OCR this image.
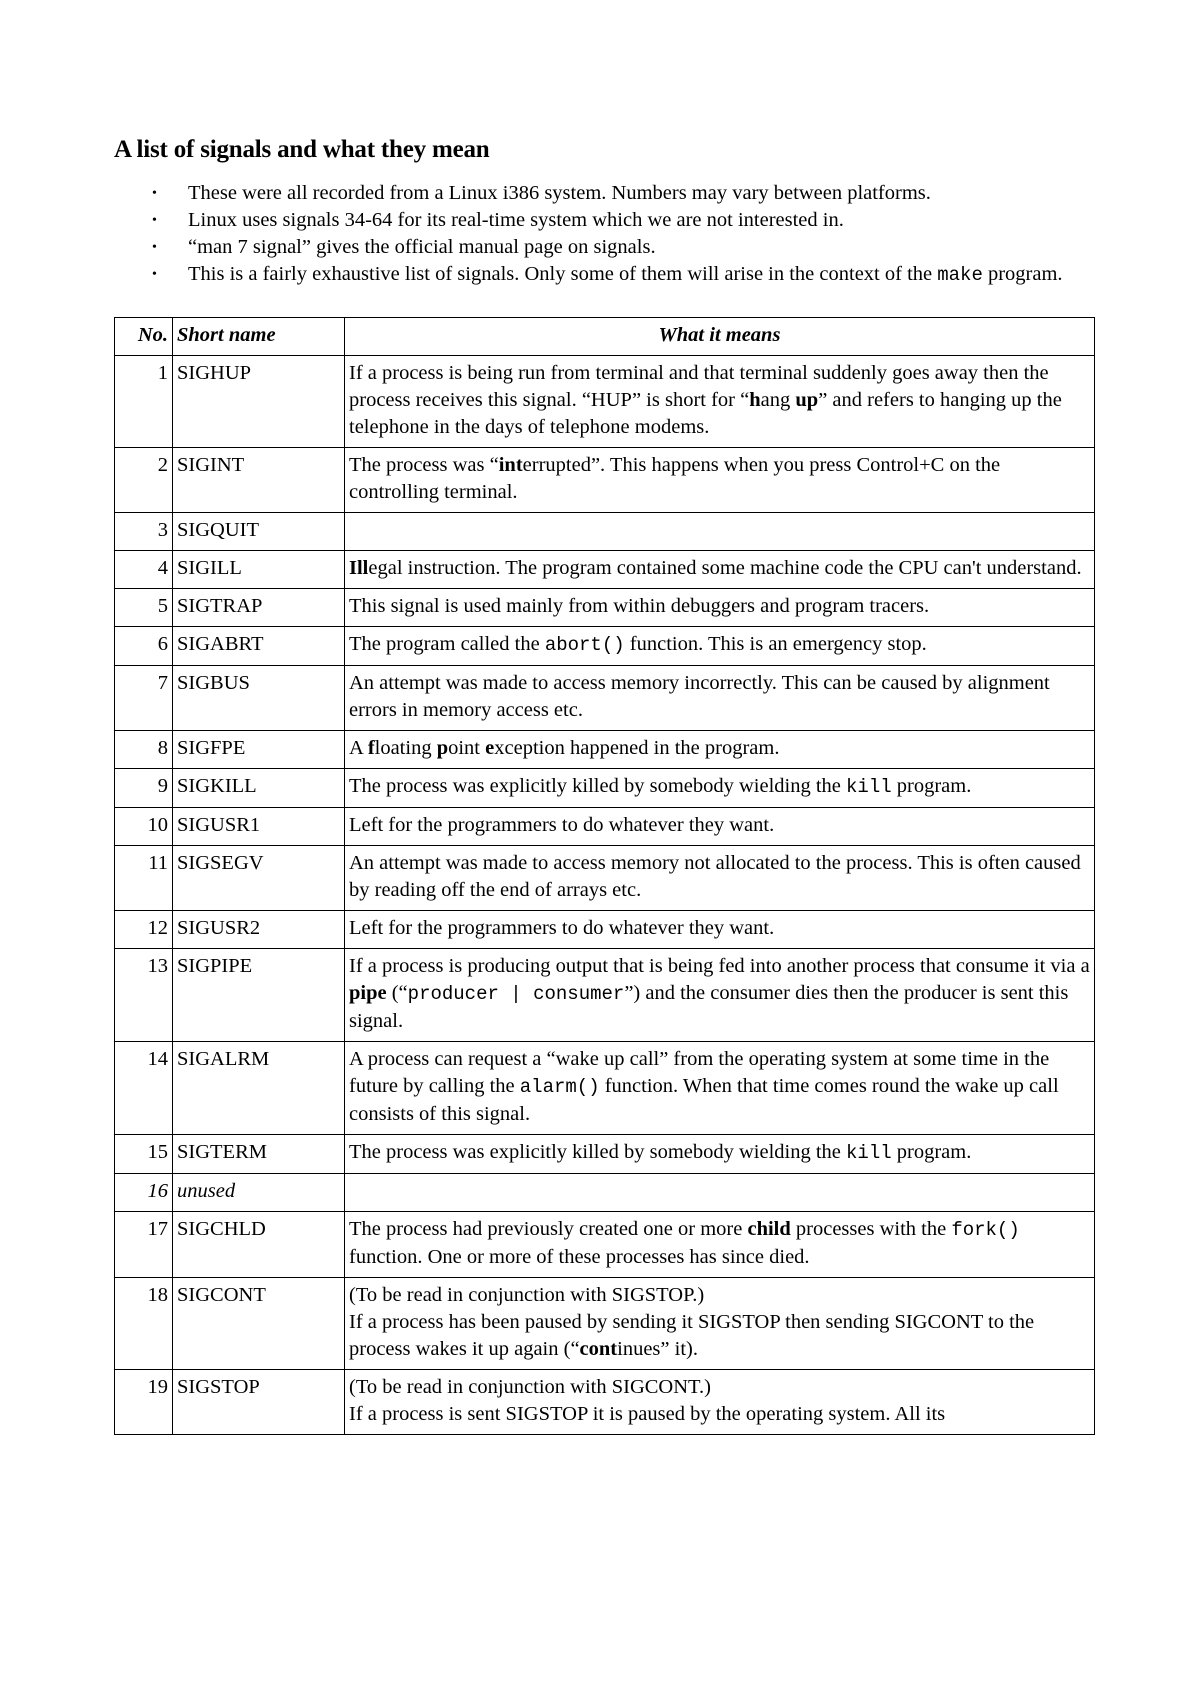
A list of signals and what they mean
• These were all recorded from a Linux i386 system. Numbers may vary between platforms.
• Linux uses signals 34-64 for its real-time system which we are not interested in.
• “man 7 signal” gives the official manual page on signals.
• This is a fairly exhaustive list of signals. Only some of them will arise in the context of the make program.
No.	Short name	What it means
1	SIGHUP	If a process is being run from terminal and that terminal suddenly goes away then the process receives this signal. “HUP” is short for “hang up” and refers to hanging up the telephone in the days of telephone modems.
2	SIGINT	The process was “interrupted”. This happens when you press Control+C on the controlling terminal.
3	SIGQUIT	
4	SIGILL	Illegal instruction. The program contained some machine code the CPU can't understand.
5	SIGTRAP	This signal is used mainly from within debuggers and program tracers.
6	SIGABRT	The program called the abort() function. This is an emergency stop.
7	SIGBUS	An attempt was made to access memory incorrectly. This can be caused by alignment errors in memory access etc.
8	SIGFPE	A floating point exception happened in the program.
9	SIGKILL	The process was explicitly killed by somebody wielding the kill program.
10	SIGUSR1	Left for the programmers to do whatever they want.
11	SIGSEGV	An attempt was made to access memory not allocated to the process. This is often caused by reading off the end of arrays etc.
12	SIGUSR2	Left for the programmers to do whatever they want.
13	SIGPIPE	If a process is producing output that is being fed into another process that consume it via a pipe (“producer | consumer”) and the consumer dies then the producer is sent this signal.
14	SIGALRM	A process can request a “wake up call” from the operating system at some time in the future by calling the alarm() function. When that time comes round the wake up call consists of this signal.
15	SIGTERM	The process was explicitly killed by somebody wielding the kill program.
16	unused	
17	SIGCHLD	The process had previously created one or more child processes with the fork() function. One or more of these processes has since died.
18	SIGCONT	(To be read in conjunction with SIGSTOP.)
If a process has been paused by sending it SIGSTOP then sending SIGCONT to the process wakes it up again (“continues” it).
19	SIGSTOP	(To be read in conjunction with SIGCONT.)
If a process is sent SIGSTOP it is paused by the operating system. All its
